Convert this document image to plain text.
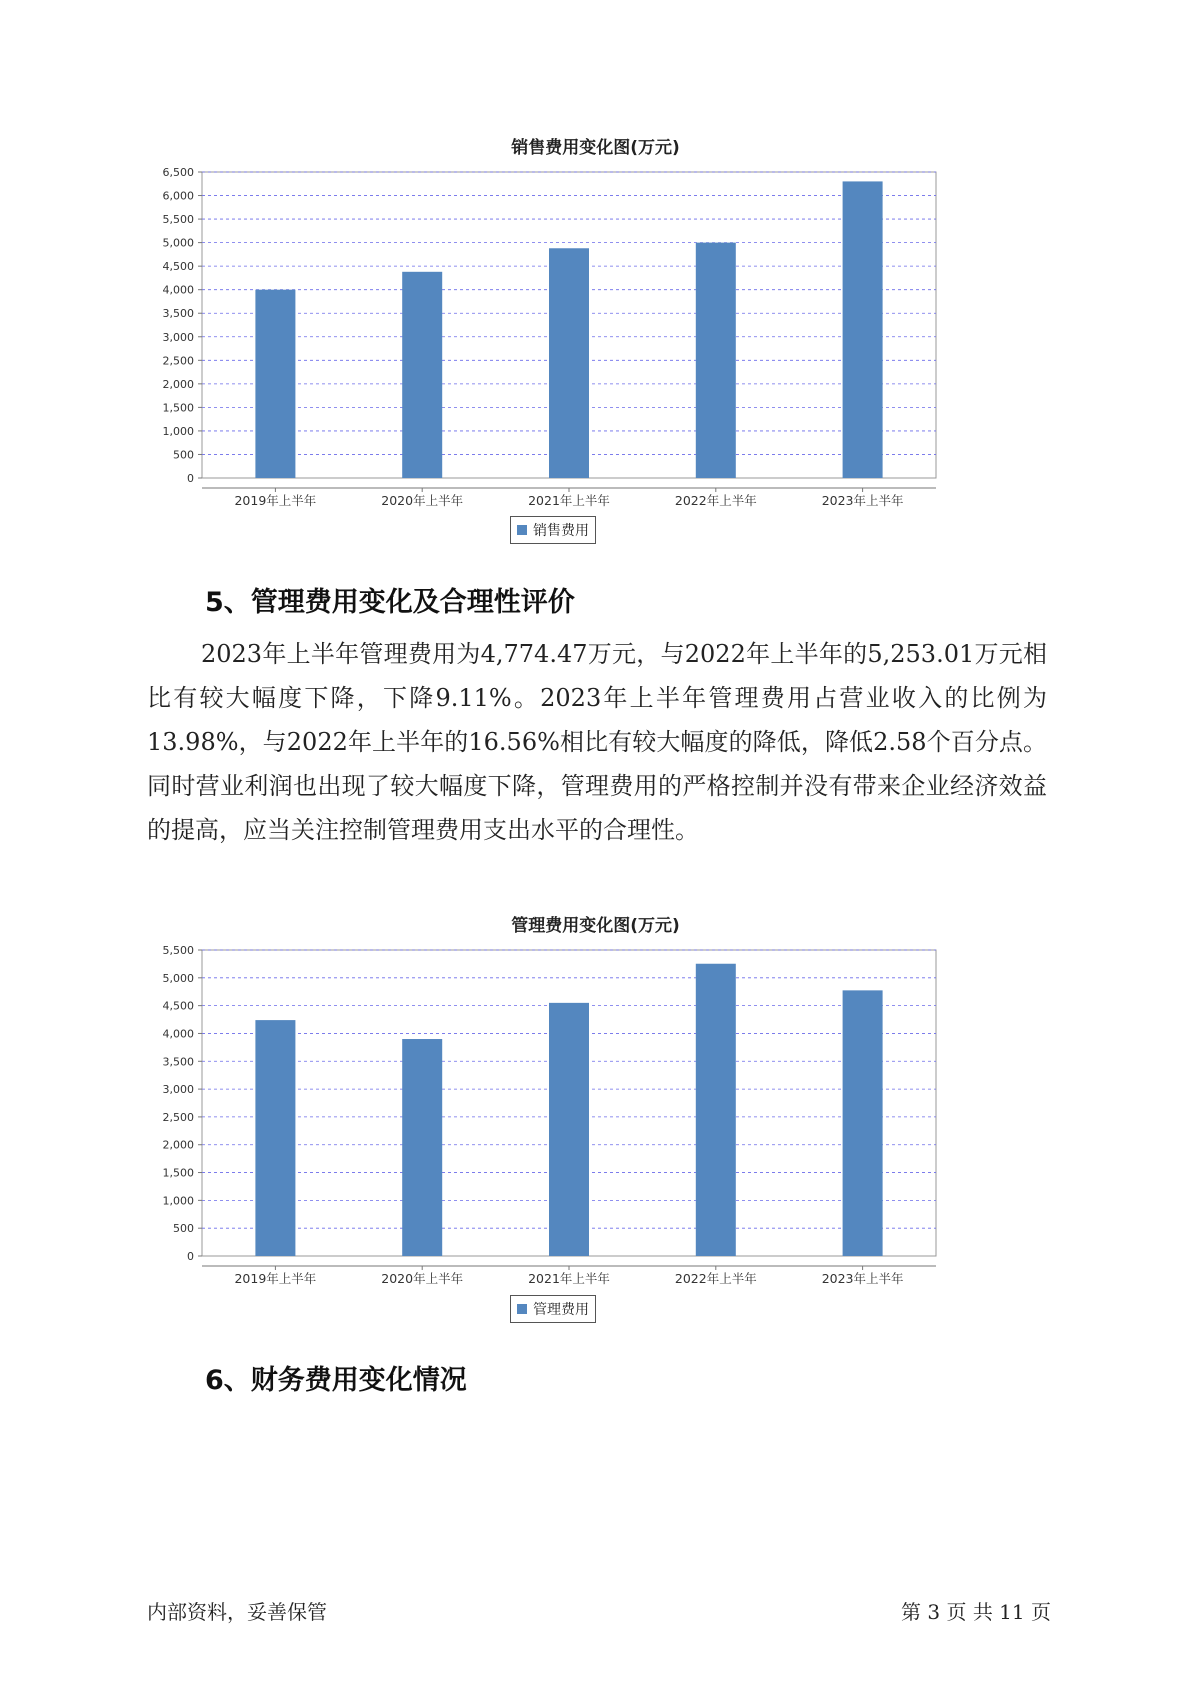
销售费用变化图(万元)
0
500
1,000
1,500
2,000
2,500
3,000
3,500
4,000
4,500
5,000
5,500
6,000
6,500
2019年上半年	2020年上半年	2021年上半年	2022年上半年	2023年上半年
销售费用
5、管理费用变化及合理性评价
2023年上半年管理费用为4,774.47万元，与2022年上半年的5,253.01万元相比有较大幅度下降，下降9.11%。2023年上半年管理费用占营业收入的比例为13.98%，与2022年上半年的16.56%相比有较大幅度的降低，降低2.58个百分点。同时营业利润也出现了较大幅度下降，管理费用的严格控制并没有带来企业经济效益的提高，应当关注控制管理费用支出水平的合理性。
管理费用变化图(万元)
0
500
1,000
1,500
2,000
2,500
3,000
3,500
4,000
4,500
5,000
5,500
2019年上半年	2020年上半年	2021年上半年	2022年上半年	2023年上半年
管理费用
6、财务费用变化情况
内部资料，妥善保管	第 3 页 共 11 页
